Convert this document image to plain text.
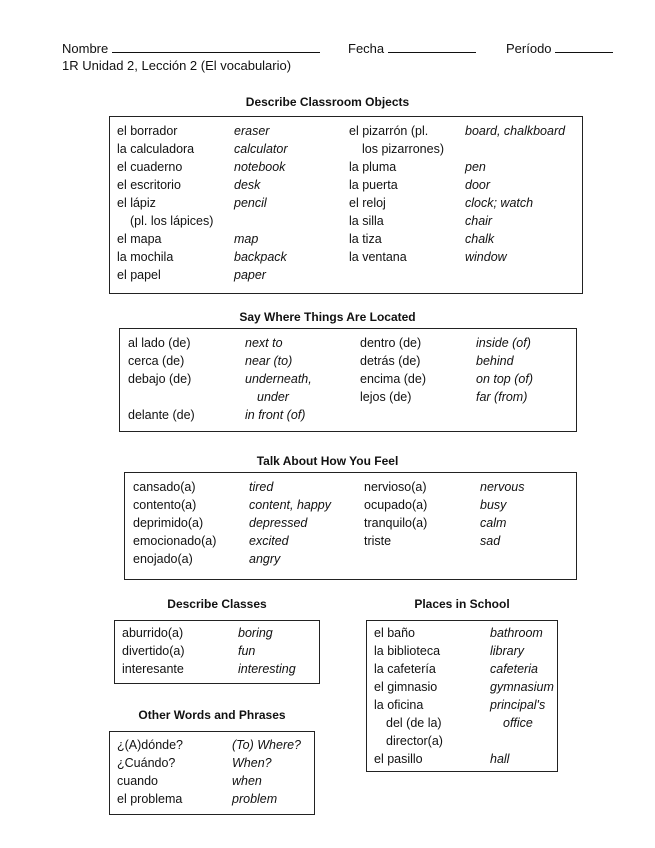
Nombre	Fecha	Período
1R Unidad 2, Lección 2 (El vocabulario)
Describe Classroom Objects
el borrador	eraser
la calculadora	calculator
el cuaderno	notebook
el escritorio	desk
el lápiz	pencil
(pl. los lápices)
el mapa	map
la mochila	backpack
el papel	paper
el pizarrón (pl.	board, chalkboard
los pizarrones)
la pluma	pen
la puerta	door
el reloj	clock; watch
la silla	chair
la tiza	chalk
la ventana	window
Say Where Things Are Located
al lado (de)	next to
cerca (de)	near (to)
debajo (de)	underneath,
under
delante (de)	in front (of)
dentro (de)	inside (of)
detrás (de)	behind
encima (de)	on top (of)
lejos (de)	far (from)
Talk About How You Feel
cansado(a)	tired
contento(a)	content, happy
deprimido(a)	depressed
emocionado(a)	excited
enojado(a)	angry
nervioso(a)	nervous
ocupado(a)	busy
tranquilo(a)	calm
triste	sad
Describe Classes
aburrido(a)	boring
divertido(a)	fun
interesante	interesting
Other Words and Phrases
¿(A)dónde?	(To) Where?
¿Cuándo?	When?
cuando	when
el problema	problem
Places in School
el baño	bathroom
la biblioteca	library
la cafetería	cafeteria
el gimnasio	gymnasium
la oficina	principal's
del (de la)	office
director(a)
el pasillo	hall
